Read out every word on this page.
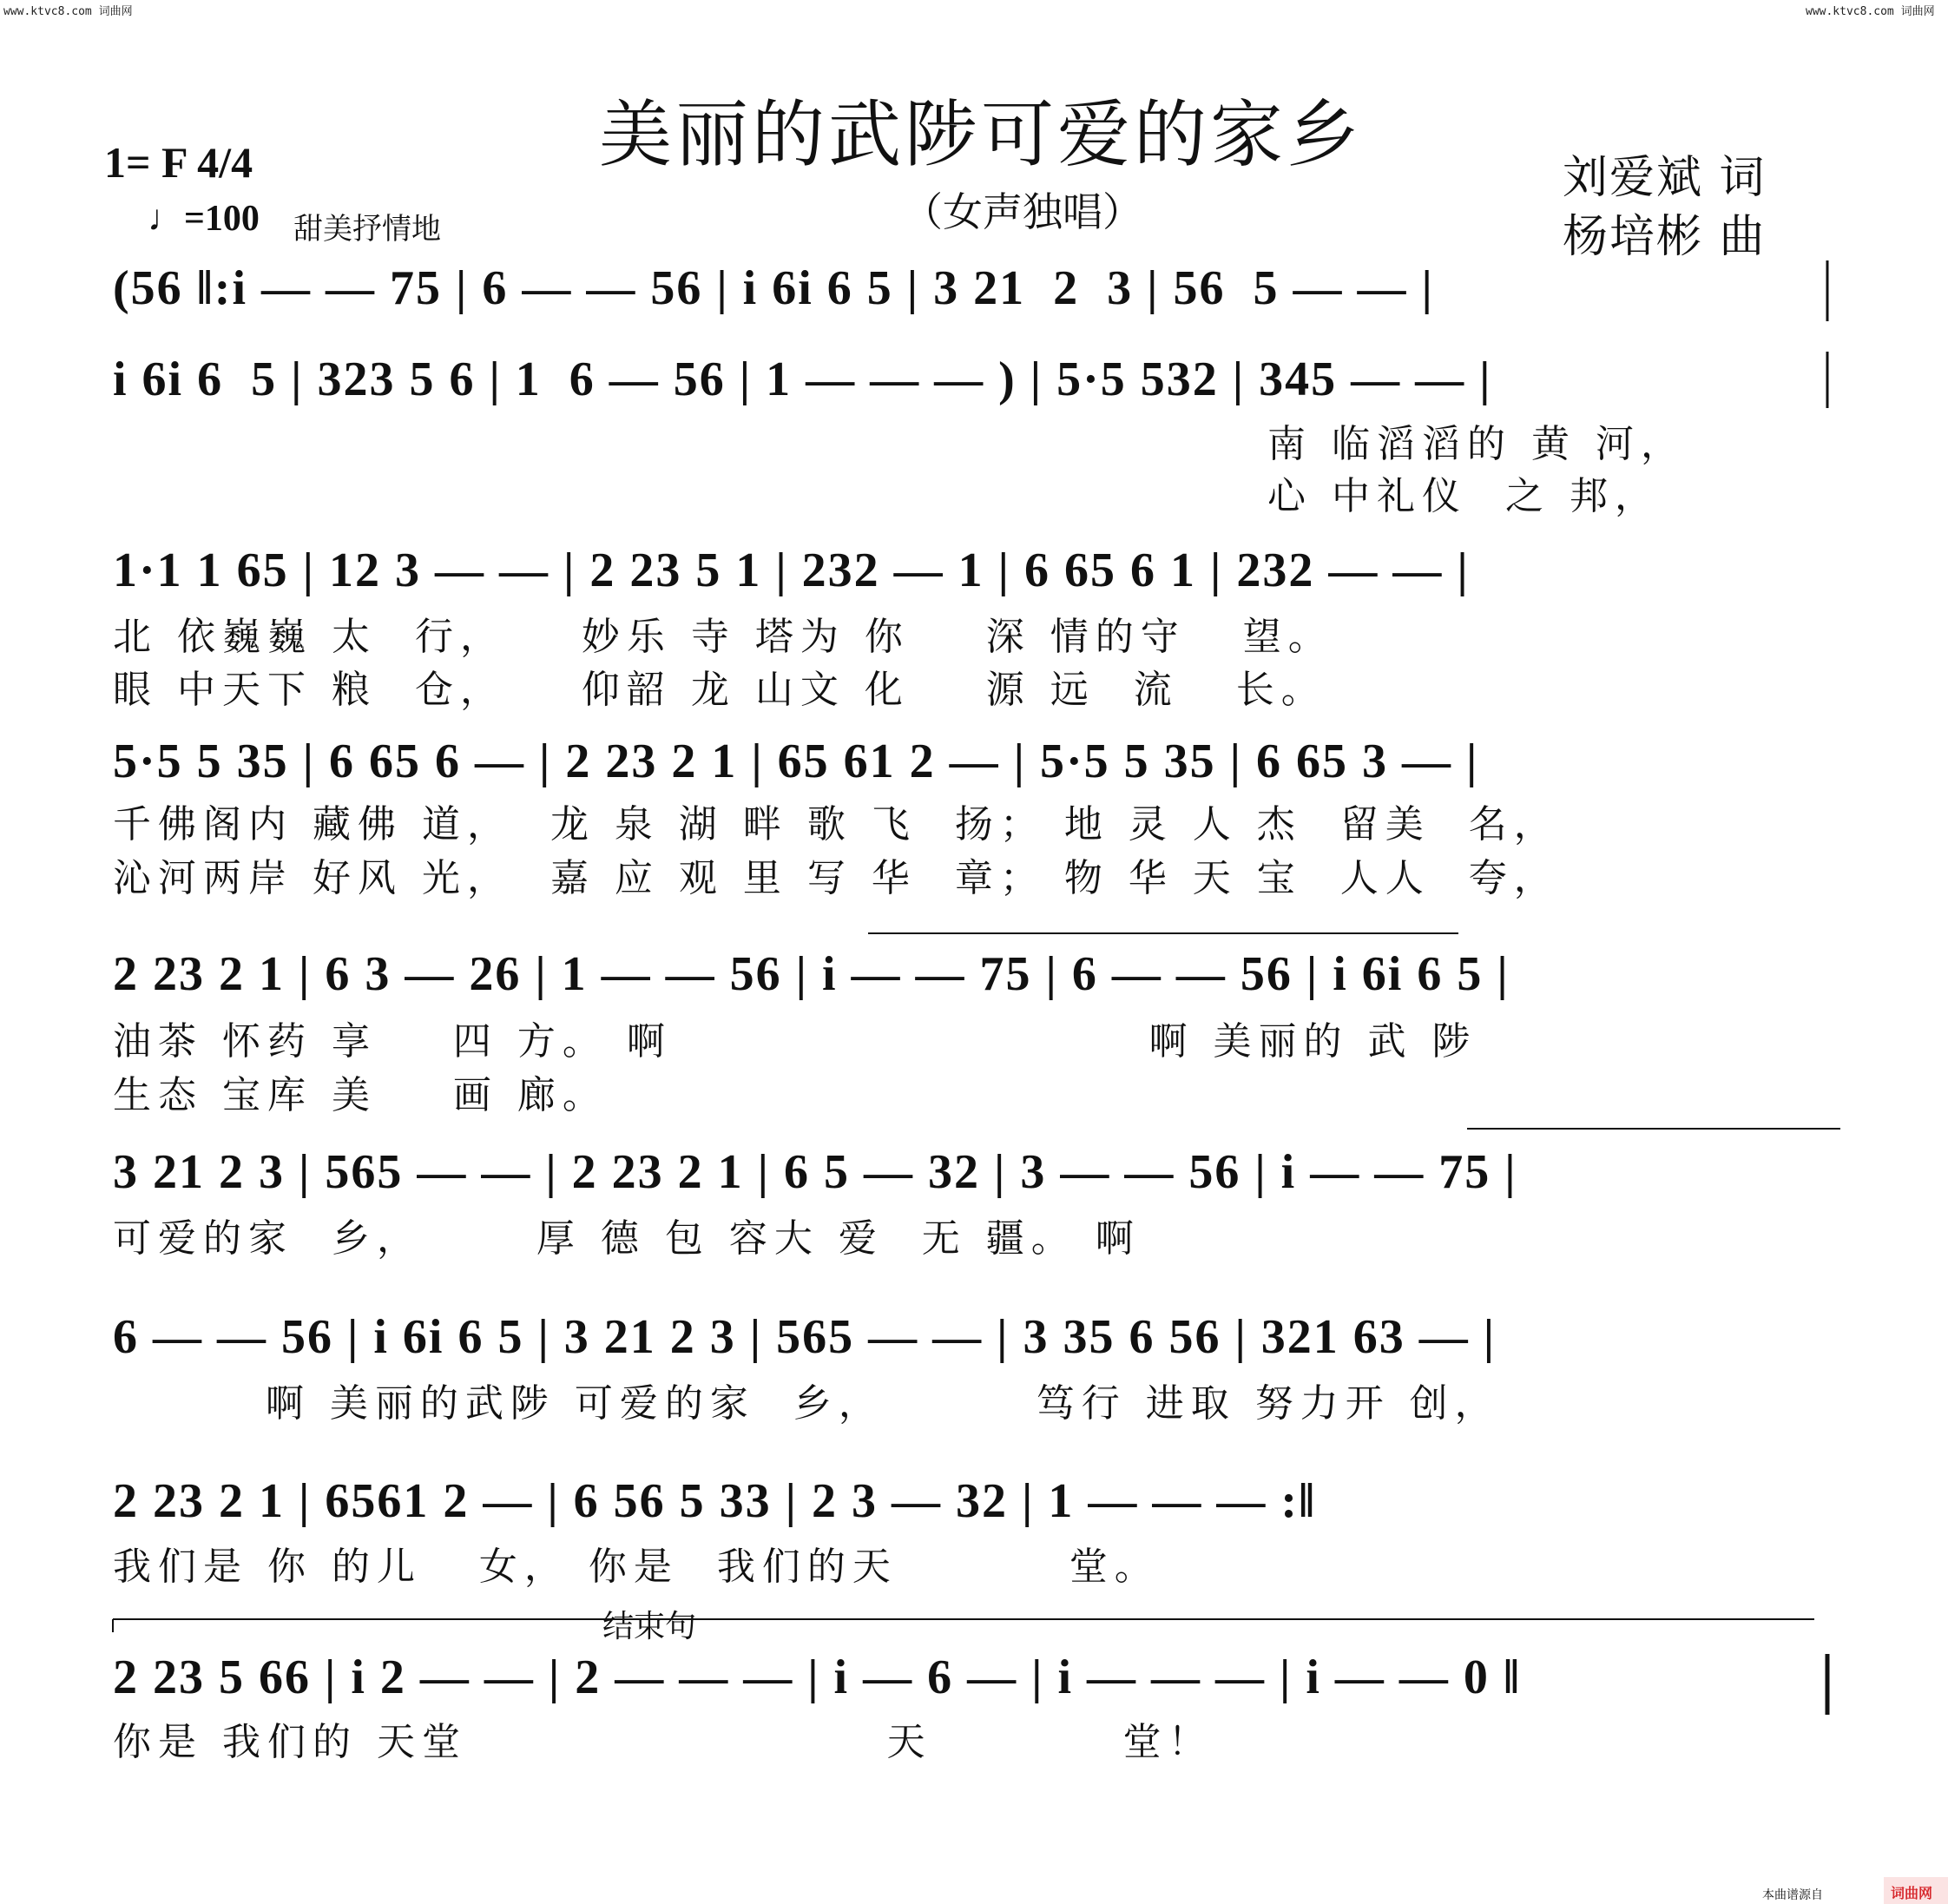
www.ktvc8.com 词曲网	www.ktvc8.com 词曲网
美丽的武陟可爱的家乡
（女声独唱）
1= F 4/4
♩=100 甜美抒情地
刘爱斌 词
杨培彬 曲
(56 ‖:i ― ― 75 | 6 ― ― 56 | i 6i 6 5 | 3 21  2  3 | 56  5 ― ― |
i 6i 6  5 | 323 5 6 | 1  6 ― 56 | 1 ― ― ― ) | 5·5 532 | 345 ― ― |
南 临滔滔的 黄 河，
心 中礼仪  之 邦，
1·1 1 65 | 12 3 ― ― | 2 23 5 1 | 232 ― 1 | 6 65 6 1 | 232 ― ― |
北 依巍巍 太  行，    妙乐 寺 塔为 你    深 情的守   望。
眼 中天下 粮  仓，    仰韶 龙 山文 化    源 远  流   长。
5·5 5 35 | 6 65 6 ― | 2 23 2 1 | 65 61 2 ― | 5·5 5 35 | 6 65 3 ― |
千佛阁内 藏佛 道，  龙 泉 湖 畔 歌 飞  扬； 地 灵 人 杰  留美  名，
沁河两岸 好风 光，  嘉 应 观 里 写 华  章； 物 华 天 宝  人人  夸，
2 23 2 1 | 6 3 ― 26 | 1 ― ― 56 | i ― ― 75 | 6 ― ― 56 | i 6i 6 5 |
油茶 怀药 享    四 方。 啊                         啊 美丽的 武 陟
生态 宝库 美    画 廊。
3 21 2 3 | 565 ― ― | 2 23 2 1 | 6 5 ― 32 | 3 ― ― 56 | i ― ― 75 |
可爱的家  乡，      厚 德 包 容大 爱  无 疆。 啊
6 ― ― 56 | i 6i 6 5 | 3 21 2 3 | 565 ― ― | 3 35 6 56 | 321 63 ― |
啊 美丽的武陟 可爱的家  乡，        笃行 进取 努力开 创，
2 23 2 1 | 6561 2 ― | 6 56 5 33 | 2 3 ― 32 | 1 ― ― ― :‖
我们是 你 的儿   女， 你是  我们的天         堂。
结束句
2 23 5 66 | i 2 ― ― | 2 ― ― ― | i ― 6 ― | i ― ― ― | i ― ― 0 ‖
你是 我们的 天堂                      天          堂！
本曲谱源自	词曲网
